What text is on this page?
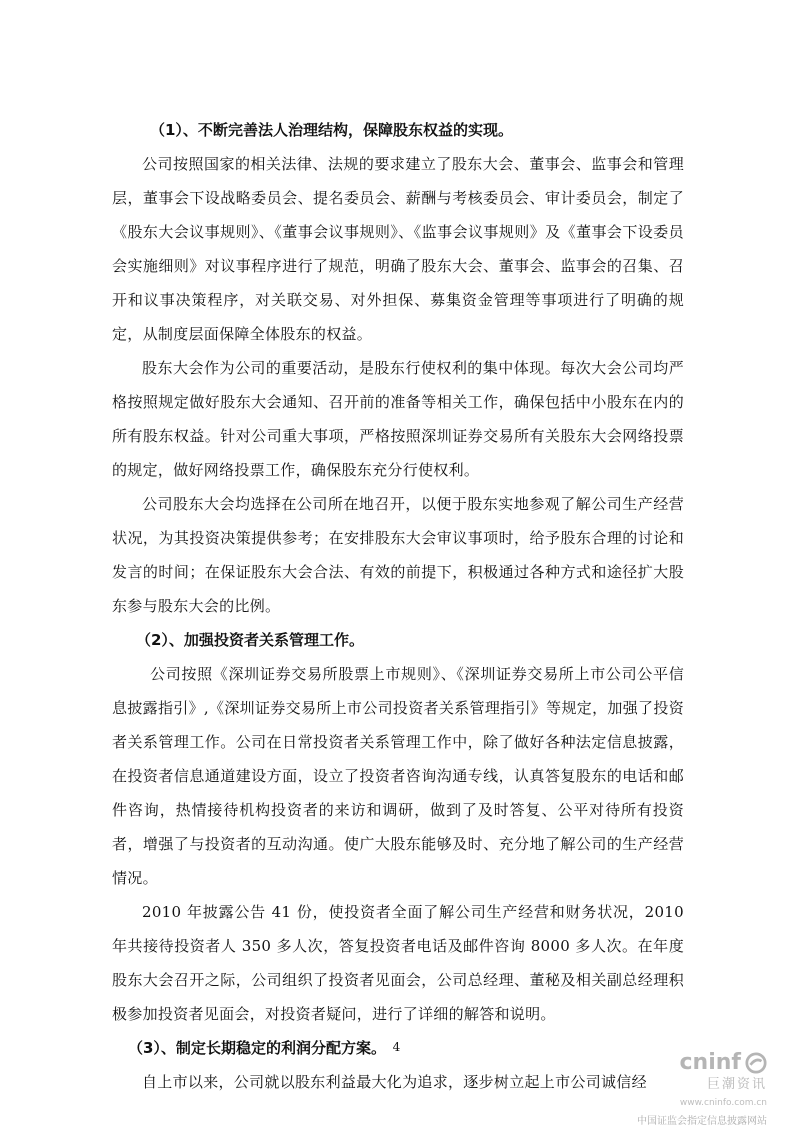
（1）、不断完善法人治理结构，保障股东权益的实现。

公司按照国家的相关法律、法规的要求建立了股东大会、董事会、监事会和管理层，董事会下设战略委员会、提名委员会、薪酬与考核委员会、审计委员会，制定了《股东大会议事规则》、《董事会议事规则》、《监事会议事规则》及《董事会下设委员会实施细则》对议事程序进行了规范，明确了股东大会、董事会、监事会的召集、召开和议事决策程序，对关联交易、对外担保、募集资金管理等事项进行了明确的规定，从制度层面保障全体股东的权益。

股东大会作为公司的重要活动，是股东行使权利的集中体现。每次大会公司均严格按照规定做好股东大会通知、召开前的准备等相关工作，确保包括中小股东在内的所有股东权益。针对公司重大事项，严格按照深圳证券交易所有关股东大会网络投票的规定，做好网络投票工作，确保股东充分行使权利。

公司股东大会均选择在公司所在地召开，以便于股东实地参观了解公司生产经营状况，为其投资决策提供参考；在安排股东大会审议事项时，给予股东合理的讨论和发言的时间；在保证股东大会合法、有效的前提下，积极通过各种方式和途径扩大股东参与股东大会的比例。

（2）、加强投资者关系管理工作。

公司按照《深圳证券交易所股票上市规则》、《深圳证券交易所上市公司公平信息披露指引》,《深圳证券交易所上市公司投资者关系管理指引》等规定，加强了投资者关系管理工作。公司在日常投资者关系管理工作中，除了做好各种法定信息披露，在投资者信息通道建设方面，设立了投资者咨询沟通专线，认真答复股东的电话和邮件咨询，热情接待机构投资者的来访和调研，做到了及时答复、公平对待所有投资者，增强了与投资者的互动沟通。使广大股东能够及时、充分地了解公司的生产经营情况。

2010 年披露公告 41 份，使投资者全面了解公司生产经营和财务状况，2010年共接待投资者人 350 多人次，答复投资者电话及邮件咨询 8000 多人次。在年度股东大会召开之际，公司组织了投资者见面会，公司总经理、董秘及相关副总经理积极参加投资者见面会，对投资者疑问，进行了详细的解答和说明。

（3）、制定长期稳定的利润分配方案。

自上市以来，公司就以股东利益最大化为追求，逐步树立起上市公司诚信经

4
cninf
巨潮资讯
www.cninfo.com.cn
中国证监会指定信息披露网站
